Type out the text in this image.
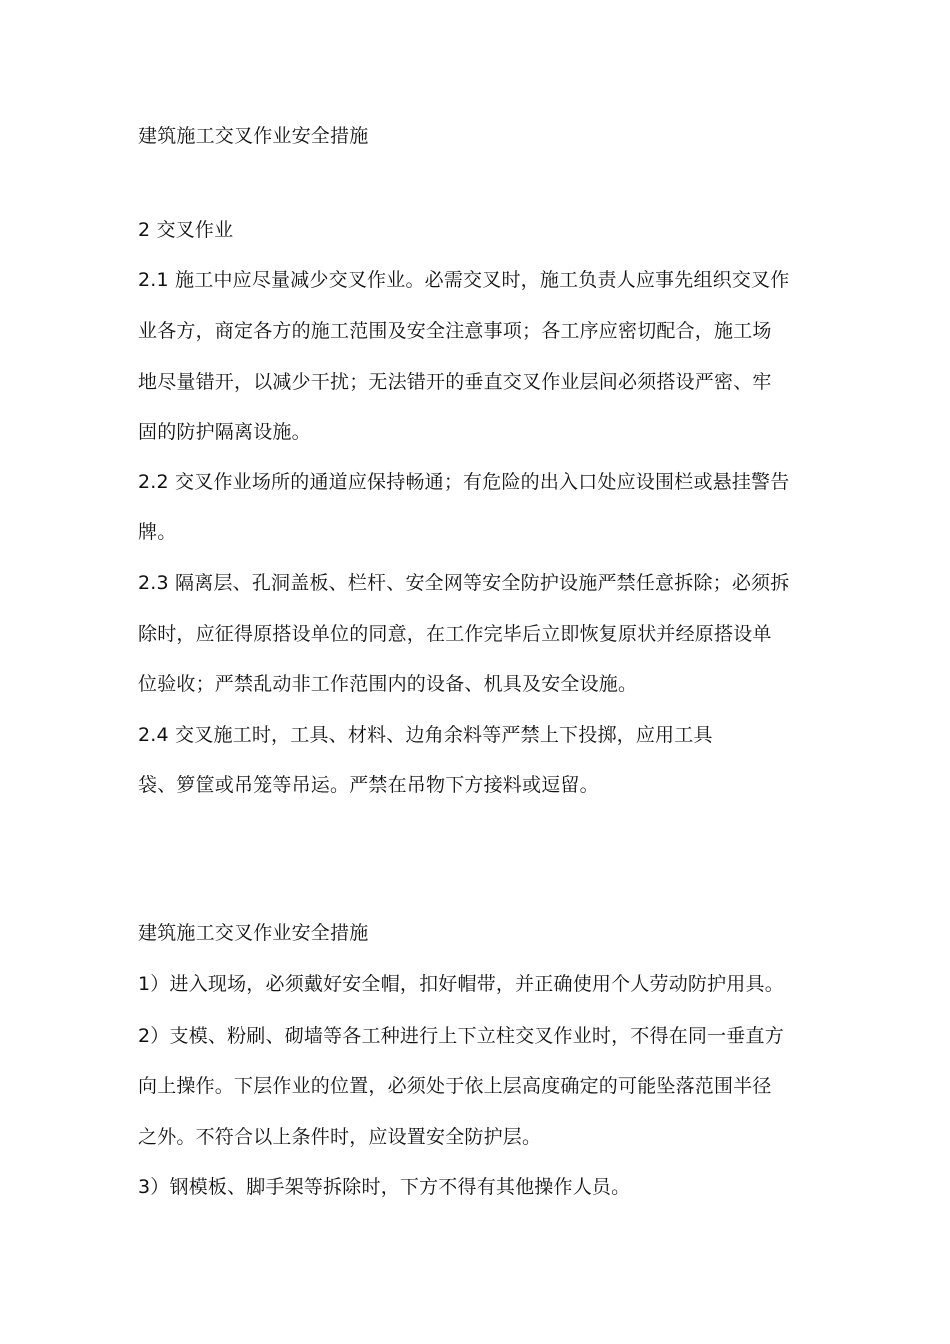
建筑施工交叉作业安全措施
2 交叉作业
2.1 施工中应尽量减少交叉作业。必需交叉时，施工负责人应事先组织交叉作
业各方，商定各方的施工范围及安全注意事项；各工序应密切配合，施工场
地尽量错开，以减少干扰；无法错开的垂直交叉作业层间必须搭设严密、牢
固的防护隔离设施。
2.2 交叉作业场所的通道应保持畅通；有危险的出入口处应设围栏或悬挂警告
牌。
2.3 隔离层、孔洞盖板、栏杆、安全网等安全防护设施严禁任意拆除；必须拆
除时，应征得原搭设单位的同意，在工作完毕后立即恢复原状并经原搭设单
位验收；严禁乱动非工作范围内的设备、机具及安全设施。
2.4 交叉施工时，工具、材料、边角余料等严禁上下投掷，应用工具
袋、箩筐或吊笼等吊运。严禁在吊物下方接料或逗留。
建筑施工交叉作业安全措施
1）进入现场，必须戴好安全帽，扣好帽带，并正确使用个人劳动防护用具。
2）支模、粉刷、砌墙等各工种进行上下立柱交叉作业时，不得在同一垂直方
向上操作。下层作业的位置，必须处于依上层高度确定的可能坠落范围半径
之外。不符合以上条件时，应设置安全防护层。
3）钢模板、脚手架等拆除时，下方不得有其他操作人员。
